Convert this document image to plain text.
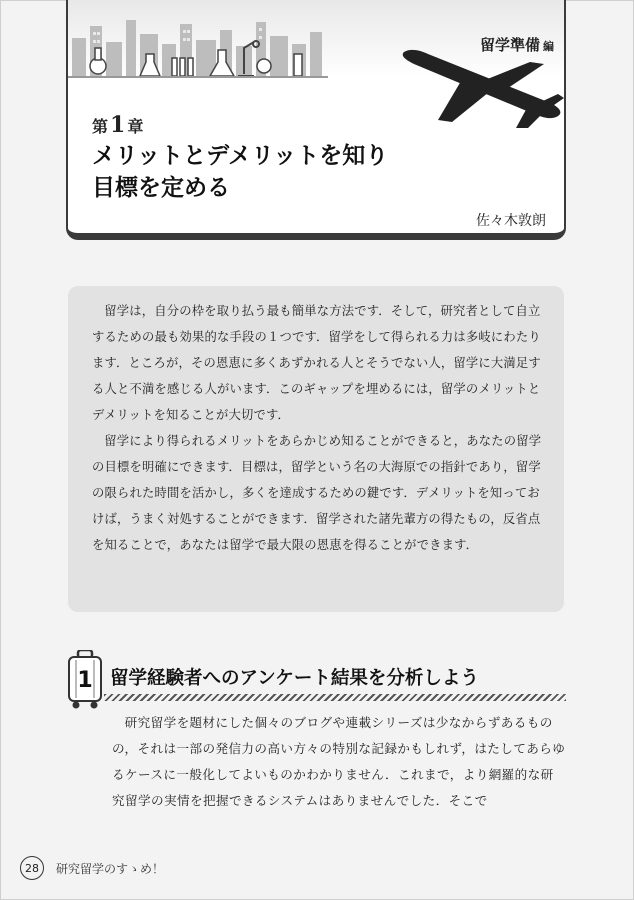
留学準備 編
第1 章
メリットとデメリットを知り
目標を定める
佐々木敦朗

留学は，自分の枠を取り払う最も簡単な方法です．そして，研究者として自立するための最も効果的な手段の１つです．留学をして得られる力は多岐にわたります．ところが，その恩恵に多くあずかれる人とそうでない人，留学に大満足する人と不満を感じる人がいます．このギャップを埋めるには，留学のメリットとデメリットを知ることが大切です．

留学により得られるメリットをあらかじめ知ることができると，あなたの留学の目標を明確にできます．目標は，留学という名の大海原での指針であり，留学の限られた時間を活かし，多くを達成するための鍵です．デメリットを知っておけば，うまく対処することができます．留学された諸先輩方の得たもの，反省点を知ることで，あなたは留学で最大限の恩恵を得ることができます．

1 留学経験者へのアンケート結果を分析しよう

研究留学を題材にした個々のブログや連載シリーズは少なからずあるものの，それは一部の発信力の高い方々の特別な記録かもしれず，はたしてあらゆるケースに一般化してよいものかわかりません．これまで，より網羅的な研究留学の実情を把握できるシステムはありませんでした．そこで

28	研究留学のすゝめ！
